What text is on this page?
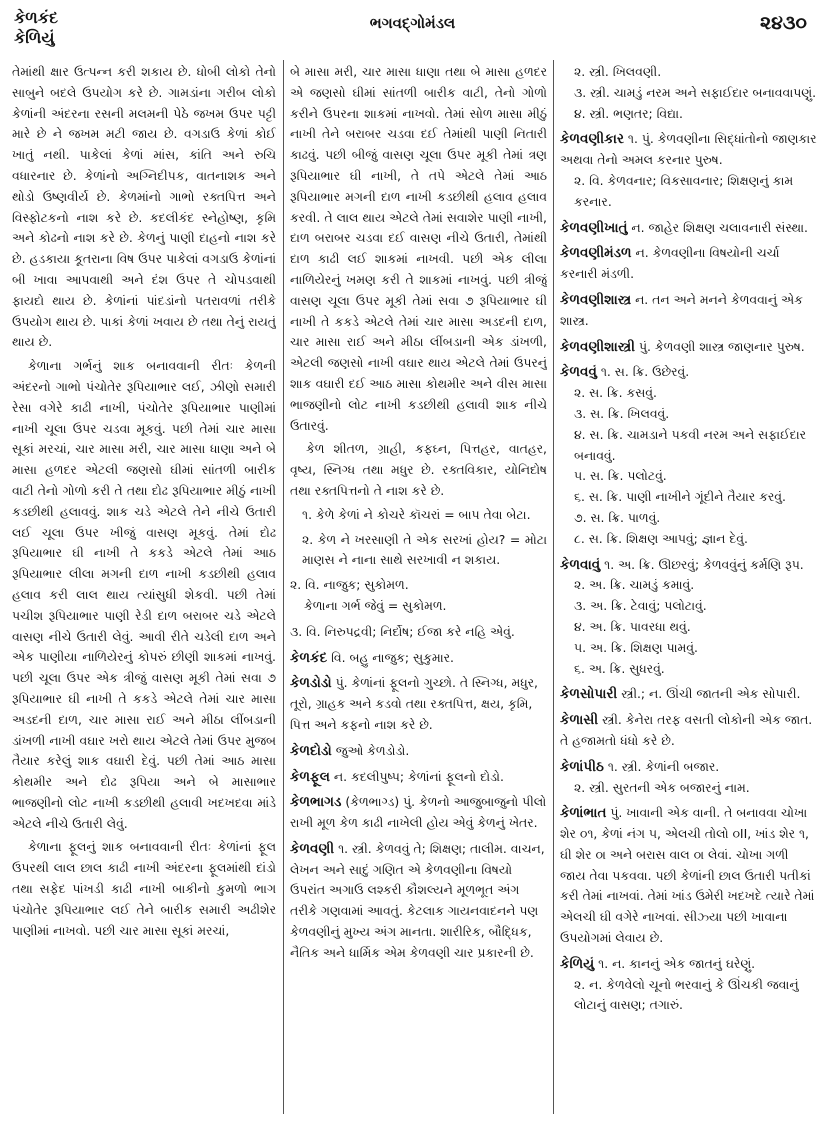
કેળકંદ
કેળિયું
ભગવદ્ગોમંડલ	૨૪૩૦

તેમાંથી ક્ષાર ઉત્પન્ન કરી શકાય છે. ધોબી લોકો તેનો સાબુને બદલે ઉપયોગ કરે છે. ગામડાંના ગરીબ લોકો કેળાંની અંદરના રસની મલમની પેઠે જખમ ઉપર પટ્ટી મારે છે ને જખમ મટી જાય છે. વગડાઉ કેળાં કોઈ ખાતું નથી. પાકેલાં કેળાં માંસ, કાંતિ અને રુચિ વધારનાર છે. કેળાંનો અગ્નિદીપક, વાતનાશક અને થોડો ઉષ્ણવીર્ય છે. કેળમાંનો ગાભો રક્તપિત્ત અને વિસ્ફોટકનો નાશ કરે છે. કદલીકંદ સ્નેહોષ્ણ, કૃમિ અને કોઢનો નાશ કરે છે. કેળનું પાણી દાહનો નાશ કરે છે. હડકાયા કૂતરાના વિષ ઉપર પાકેલાં વગડાઉ કેળાંનાં બી ખાવા આપવાથી અને દંશ ઉપર તે ચોપડવાથી ફાયદો થાય છે. કેળાંનાં પાંદડાંનો પતરાવળાં તરીકે ઉપયોગ થાય છે. પાકાં કેળાં ખવાય છે તથા તેનું રાયતું થાય છે.

કેળાના ગર્ભનું શાક બનાવવાની રીતઃ કેળની અંદરનો ગાભો પંચોતેર રૂપિયાભાર લઈ, ઝીણો સમારી રેસા વગેરે કાઢી નાખી, પંચોતેર રૂપિયાભાર પાણીમાં નાખી ચૂલા ઉપર ચડવા મૂકવું. પછી તેમાં ચાર માસા સૂકાં મરચાં, ચાર માસા મરી, ચાર માસા ધાણા અને બે માસા હળદર એટલી જણસો ઘીમાં સાંતળી બારીક વાટી તેનો ગોળો કરી તે તથા દોઢ રૂપિયાભાર મીઠું નાખી કડછીથી હલાવવું. શાક ચડે એટલે તેને નીચે ઉતારી લઈ ચૂલા ઉપર ખીજું વાસણ મૂકવું. તેમાં દોઢ રૂપિયાભાર ઘી નાખી તે કકડે એટલે તેમાં આઠ રૂપિયાભાર લીલા મગની દાળ નાખી કડછીથી હલાવ હલાવ કરી લાલ થાય ત્યાંસુધી શેકવી. પછી તેમાં પચીશ રૂપિયાભાર પાણી રેડી દાળ બરાબર ચડે એટલે વાસણ નીચે ઉતારી લેવું. આવી રીતે ચડેલી દાળ અને એક પાણીયા નાળિયેરનું કોપરું છીણી શાકમાં નાખવું. પછી ચૂલા ઉપર એક ત્રીજું વાસણ મૂકી તેમાં સવા ૭ રૂપિયાભાર ઘી નાખી તે કકડે એટલે તેમાં ચાર માસા અડદની દાળ, ચાર માસા રાઈ અને મીઠા લીંબડાની ડાંખળી નાખી વઘાર ખરો થાય એટલે તેમાં ઉપર મુજબ તૈયાર કરેલું શાક વઘારી દેવું. પછી તેમાં આઠ માસા કોથમીર અને દોઢ રૂપિયા અને બે માસાભાર ભાજણીનો લોટ નાખી કડછીથી હલાવી ખદખદવા માંડે એટલે નીચે ઉતારી લેવું.

કેળાના ફૂલનું શાક બનાવવાની રીતઃ કેળાંનાં ફૂલ ઉપરથી લાલ છાલ કાઢી નાખી અંદરના ફૂલમાંથી દાંડો તથા સફેદ પાંખડી કાઢી નાખી બાકીનો કુમળો ભાગ પંચોતેર રૂપિયાભાર લઈ તેને બારીક સમારી અઢીશેર પાણીમાં નાખવો. પછી ચાર માસા સૂકાં મરચાં,

બે માસા મરી, ચાર માસા ધાણા તથા બે માસા હળદર એ જણસો ઘીમાં સાંતળી બારીક વાટી, તેનો ગોળો કરીને ઉપરના શાકમાં નાખવો. તેમાં સોળ માસા મીઠું નાખી તેને બરાબર ચડવા દઈ તેમાંથી પાણી નિતારી કાઢવું. પછી બીજું વાસણ ચૂલા ઉપર મૂકી તેમાં ત્રણ રૂપિયાભાર ઘી નાખી, તે તપે એટલે તેમાં આઠ રૂપિયાભાર મગની દાળ નાખી કડછીથી હલાવ હલાવ કરવી. તે લાલ થાય એટલે તેમાં સવાશેર પાણી નાખી, દાળ બરાબર ચડવા દઈ વાસણ નીચે ઉતારી, તેમાંથી દાળ કાઢી લઈ શાકમાં નાખવી. પછી એક લીલા નાળિયેરનું ખમણ કરી તે શાકમાં નાખવું. પછી ત્રીજું વાસણ ચૂલા ઉપર મૂકી તેમાં સવા ૭ રૂપિયાભાર ઘી નાખી તે કકડે એટલે તેમાં ચાર માસા અડદની દાળ, ચાર માસા રાઈ અને મીઠા લીંબડાની એક ડાંખળી, એટલી જણસો નાખી વઘાર થાય એટલે તેમાં ઉપરનું શાક વઘારી દઈ આઠ માસા કોથમીર અને વીસ માસા ભાજણીનો લોટ નાખી કડછીથી હલાવી શાક નીચે ઉતારવું.

કેળ શીતળ, ગ્રાહી, કફઘ્ન, પિત્તહર, વાતહર, વૃષ્ય, સ્નિગ્ધ તથા મધુર છે. રક્તવિકાર, યોનિદોષ તથા રક્તપિત્તનો તે નાશ કરે છે.

૧. કેળે કેળાં ને કોચરે કૉચરાં = બાપ તેવા બેટા.

૨. કેળ ને ખરસાણી તે એક સરખાં હોય? = મોટા માણસ ને નાના સાથે સરખાવી ન શકાય.

૨. વિ. નાજુક; સુકોમળ.
કેળાના ગર્ભ જેવું = સુકોમળ.
૩. વિ. નિરુપદ્રવી; નિર્દોષ; ઈજા કરે નહિ એવું.
કેળકંદ વિ. બહુ નાજુક; સુકુમાર.
કેળડોડો પું. કેળાંનાં ફૂલનો ગુચ્છો. તે સ્નિગ્ધ, મધુર, તૂરો, ગ્રાહક અને કડવો તથા રક્તપિત્ત, ક્ષય, કૃમિ, પિત્ત અને કફનો નાશ કરે છે.
કેળદોડો જુઓ કેળડોડો.
કેળફૂલ ન. કદલીપુષ્પ; કેળાંનાં ફૂલનો દોડો.
કેળભાગડ (કેળભાગ્ડ) પું. કેળનો આજુબાજુનો પીલો રાખી મૂળ કેળ કાઢી નાખેલી હોય એવું કેળનું ખેતર.
કેળવણી ૧. સ્ત્રી. કેળવવું તે; શિક્ષણ; તાલીમ. વાચન, લેખન અને સાદું ગણિત એ કેળવણીના વિષયો ઉપરાંત અગાઉ લશ્કરી કૌશલ્યને મૂળભૂત અંગ તરીકે ગણવામાં આવતું. કેટલાક ગાયનવાદનને પણ કેળવણીનું મુખ્ય અંગ માનતા. શારીરિક, બૌદ્ધિક, નૈતિક અને ધાર્મિક એમ કેળવણી ચાર પ્રકારની છે.
૨. સ્ત્રી. ખિલવણી.
૩. સ્ત્રી. ચામડું નરમ અને સફાઈદાર બનાવવાપણું.
૪. સ્ત્રી. ભણતર; વિદ્યા.
કેળવણીકાર ૧. પું. કેળવણીના સિદ્ધાંતોનો જાણકાર અથવા તેનો અમલ કરનાર પુરુષ.
૨. વિ. કેળવનાર; વિકસાવનાર; શિક્ષણનું કામ કરનાર.
કેળવણીખાતું ન. જાહેર શિક્ષણ ચલાવનારી સંસ્થા.
કેળવણીમંડળ ન. કેળવણીના વિષયોની ચર્ચા કરનારી મંડળી.
કેળવણીશાસ્ત્ર ન. તન અને મનને કેળવવાનું એક શાસ્ત્ર.
કેળવણીશાસ્ત્રી પું. કેળવણી શાસ્ત્ર જાણનાર પુરુષ.
કેળવવું ૧. સ. ક્રિ. ઉછેરવું.
૨. સ. ક્રિ. કસવું.
૩. સ. ક્રિ. ખિલવવું.
૪. સ. ક્રિ. ચામડાને પકવી નરમ અને સફાઈદાર બનાવવું.
૫. સ. ક્રિ. પલોટવું.
૬. સ. ક્રિ. પાણી નાખીને ગૂંદીને તૈયાર કરવું.
૭. સ. ક્રિ. પાળવું.
૮. સ. ક્રિ. શિક્ષણ આપવું; જ્ઞાન દેવું.
કેળવાવું ૧. અ. ક્રિ. ઊછરવું; કેળવવુંનું કર્મણિ રૂપ.
૨. અ. ક્રિ. ચામડું કમાવું.
૩. અ. ક્રિ. ટેવાવું; પલોટાવું.
૪. અ. ક્રિ. પાવરધા થવું.
૫. અ. ક્રિ. શિક્ષણ પામવું.
૬. અ. ક્રિ. સુધરવું.
કેળસોપારી સ્ત્રી.; ન. ઊંચી જાતની એક સોપારી.
કેળાસી સ્ત્રી. કેનેરા તરફ વસતી લોકોની એક જાત. તે હજામતો ધંધો કરે છે.
કેળાંપીઠ ૧. સ્ત્રી. કેળાંની બજાર.
૨. સ્ત્રી. સુરતની એક બજારનું નામ.
કેળાંભાત પું. ખાવાની એક વાની. તે બનાવવા ચોખા શેર ૦૧, કેળાં નંગ ૫, એલચી તોલો ૦II, ખાંડ શેર ૧, ઘી શેર ૦ા અને બરાસ વાલ ૦ા લેવાં. ચોખા ગળી જાય તેવા પકવવા. પછી કેળાંની છાલ ઉતારી પતીકાં કરી તેમાં નાખવાં. તેમાં ખાંડ ઉમેરી ખદખદે ત્યારે તેમાં એલચી ઘી વગેરે નાખવાં. સીઝ્યા પછી ખાવાના ઉપયોગમાં લેવાય છે.
કેળિયું ૧. ન. કાનનું એક જાતનું ઘરેણું.
૨. ન. કેળવેલો ચૂનો ભરવાનું કે ઊંચકી જવાનું લોટાનું વાસણ; તગારું.
